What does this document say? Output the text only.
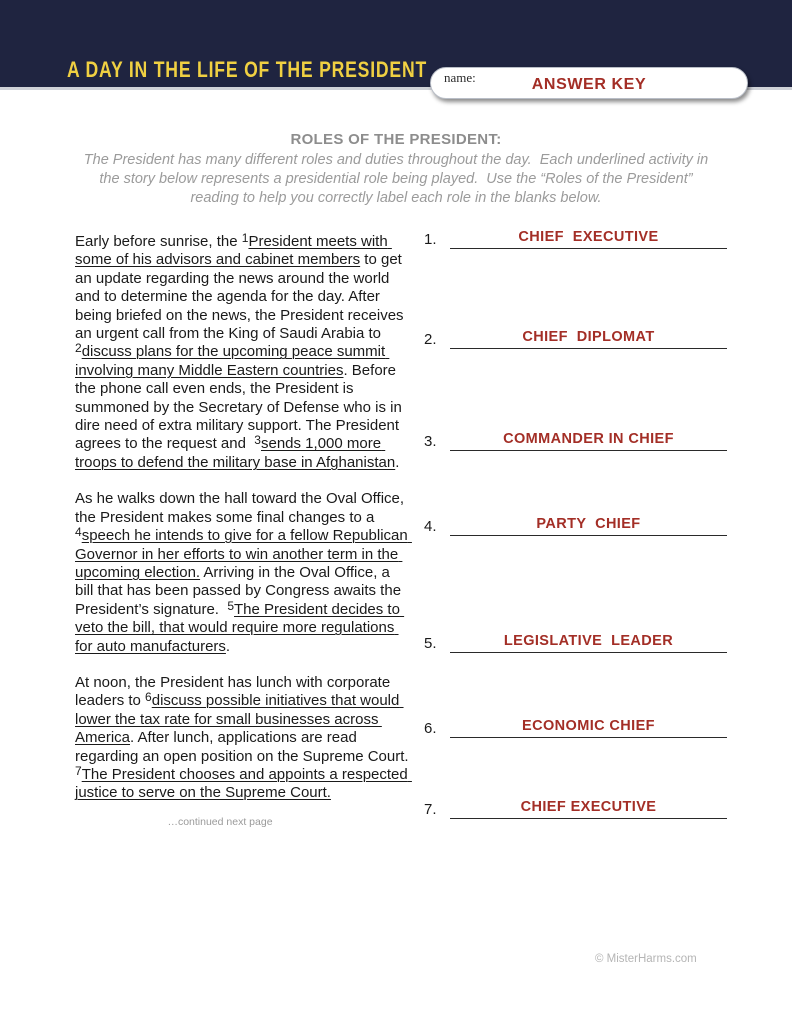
A DAY IN THE LIFE OF THE PRESIDENT name:	ANSWER KEY
ROLES OF THE PRESIDENT:

The President has many different roles and duties throughout the day.  Each underlined activity in the story below represents a presidential role being played.  Use the “Roles of the President” reading to help you correctly label each role in the blanks below.

Early before sunrise, the $^1$President meets with some of his advisors and cabinet members to get an update regarding the news around the world and to determine the agenda for the day. After being briefed on the news, the President receives an urgent call from the King of Saudi Arabia to $^2$discuss plans for the upcoming peace summit involving many Middle Eastern countries. Before the phone call even ends, the President is summoned by the Secretary of Defense who is in dire need of extra military support. The President agrees to the request and  $^3$sends 1,000 more troops to defend the military base in Afghanistan.

As he walks down the hall toward the Oval Office, the President makes some final changes to a $^4$speech he intends to give for a fellow Republican Governor in her efforts to win another term in the upcoming election. Arriving in the Oval Office, a bill that has been passed by Congress awaits the President’s signature.  $^5$The President decides to veto the bill, that would require more regulations for auto manufacturers.

At noon, the President has lunch with corporate leaders to $^6$discuss possible initiatives that would lower the tax rate for small businesses across America. After lunch, applications are read regarding an open position on the Supreme Court.  $^7$The President chooses and appoints a respected justice to serve on the Supreme Court.

…continued next page
1.	CHIEF  EXECUTIVE
2.	CHIEF  DIPLOMAT
3.	COMMANDER IN CHIEF
4.	PARTY  CHIEF
5.	LEGISLATIVE  LEADER
6.	ECONOMIC CHIEF
7.	CHIEF EXECUTIVE
© MisterHarms.com
